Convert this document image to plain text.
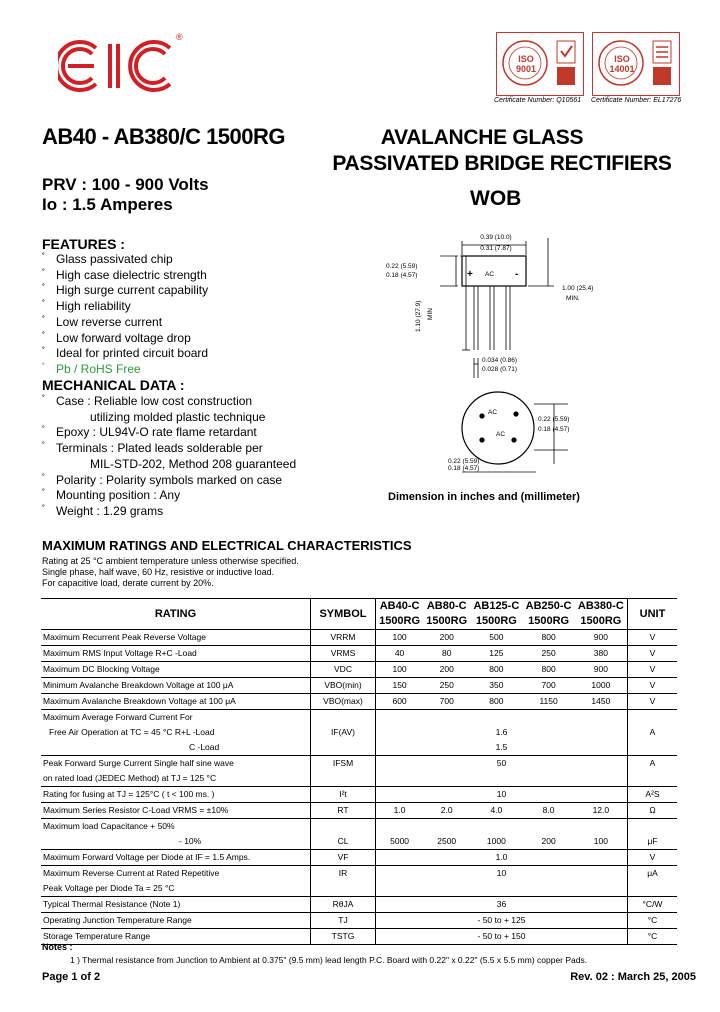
®
ISO 9001
Certificate Number: Q10561
ISO 14001
Certificate Number: EL17276
AB40 - AB380/C 1500RG	AVALANCHE GLASS
PASSIVATED BRIDGE RECTIFIERS
PRV : 100 - 900 Volts
Io : 1.5 Amperes	WOB
FEATURES :
˚ Glass passivated chip
˚ High case dielectric strength
˚ High surge current capability
˚ High reliability
˚ Low reverse current
˚ Low forward voltage drop
˚ Ideal for printed circuit board
˚ Pb / RoHS Free
MECHANICAL DATA :
˚ Case : Reliable low cost construction
utilizing molded plastic technique
˚ Epoxy : UL94V-O rate flame retardant
˚ Terminals : Plated leads solderable per
MIL-STD-202, Method 208 guaranteed
˚ Polarity : Polarity symbols marked on case
˚ Mounting position : Any
˚ Weight : 1.29 grams
0.39 (10.0)
0.31 (7.87)
0.22 (5.59)
0.18 (4.57)
1.00 (25.4)
MIN.
0.034 (0.86)
0.028 (0.71)
0.22 (5.59)
0.18 (4.57)
0.22 (5.59)
0.18 (4.57)
AC
AC
AC
+	-
1.10 (27.9) MIN
Dimension in inches and (millimeter)
MAXIMUM RATINGS AND ELECTRICAL CHARACTERISTICS
Rating at 25 °C ambient temperature unless otherwise specified.
Single phase, half wave, 60 Hz, resistive or inductive load.
For capacitive load, derate current by 20%.
RATING	SYMBOL	AB40-C	AB80-C	AB125-C	AB250-C	AB380-C	UNIT
		1500RG	1500RG	1500RG	1500RG	1500RG	
Maximum Recurrent Peak Reverse Voltage	VRRM	100	200	500	800	900	V
Maximum RMS Input Voltage R+C -Load	VRMS	40	80	125	250	380	V
Maximum DC Blocking Voltage	VDC	100	200	800	800	900	V
Minimum Avalanche Breakdown Voltage at 100 μA	VBO(min)	150	250	350	700	1000	V
Maximum Avalanche Breakdown Voltage at 100 μA	VBO(max)	600	700	800	1150	1450	V
Maximum Average Forward Current For							
Free Air Operation at TC = 45 °C R+L -Load	IF(AV)	1.6					A
C -Load		1.5					
Peak Forward Surge Current Single half sine wave	IFSM	50					A
on rated load (JEDEC Method) at TJ = 125 °C							
Rating for fusing at TJ = 125°C ( t < 100 ms. )	I²t	10					A²S
Maximum Series Resistor C-Load VRMS = ±10%	RT	1.0	2.0	4.0	8.0	12.0	Ω
Maximum load Capacitance + 50%							
- 10%	CL	5000	2500	1000	200	100	μF
Maximum Forward Voltage per Diode at IF = 1.5 Amps.	VF	1.0					V
Maximum Reverse Current at Rated Repetitive	IR	10					μA
Peak Voltage per Diode Ta = 25 °C							
Typical Thermal Resistance (Note 1)	RθJA	36					°C/W
Operating Junction Temperature Range	TJ	- 50 to + 125					°C
Storage Temperature Range	TSTG	- 50 to + 150					°C
Notes :
1 ) Thermal resistance from Junction to Ambient at 0.375" (9.5 mm) lead length P.C. Board with 0.22" x 0.22" (5.5 x 5.5 mm) copper Pads.
Page 1 of 2	Rev. 02 : March 25, 2005
